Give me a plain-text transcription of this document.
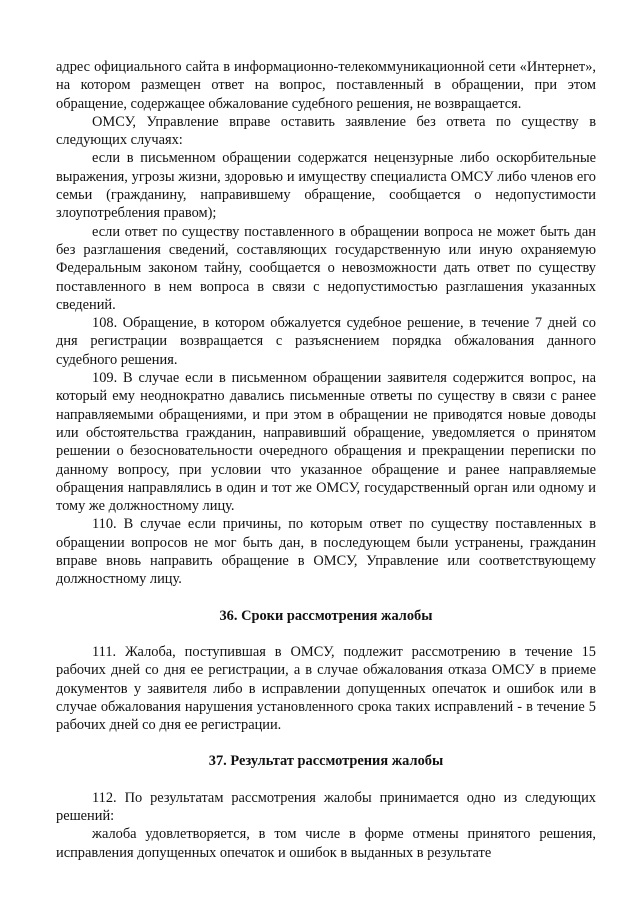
адрес официального сайта в информационно-телекоммуникационной сети «Интернет», на котором размещен ответ на вопрос, поставленный в обращении, при этом обращение, содержащее обжалование судебного решения, не возвращается.

ОМСУ, Управление вправе оставить заявление без ответа по существу в следующих случаях:

если в письменном обращении содержатся нецензурные либо оскорбительные выражения, угрозы жизни, здоровью и имуществу специалиста ОМСУ либо членов его семьи (гражданину, направившему обращение, сообщается о недопустимости злоупотребления правом);

если ответ по существу поставленного в обращении вопроса не может быть дан без разглашения сведений, составляющих государственную или иную охраняемую Федеральным законом тайну, сообщается о невозможности дать ответ по существу поставленного в нем вопроса в связи с недопустимостью разглашения указанных сведений.

108. Обращение, в котором обжалуется судебное решение, в течение 7 дней со дня регистрации возвращается с разъяснением порядка обжалования данного судебного решения.

109. В случае если в письменном обращении заявителя содержится вопрос, на который ему неоднократно давались письменные ответы по существу в связи с ранее направляемыми обращениями, и при этом в обращении не приводятся новые доводы или обстоятельства гражданин, направивший обращение, уведомляется о принятом решении о безосновательности очередного обращения и прекращении переписки по данному вопросу, при условии что указанное обращение и ранее направляемые обращения направлялись в один и тот же ОМСУ, государственный орган или одному и тому же должностному лицу.

110. В случае если причины, по которым ответ по существу поставленных в обращении вопросов не мог быть дан, в последующем были устранены, гражданин вправе вновь направить обращение в ОМСУ, Управление или соответствующему должностному лицу.

36. Сроки рассмотрения жалобы

111. Жалоба, поступившая в ОМСУ, подлежит рассмотрению в течение 15 рабочих дней со дня ее регистрации, а в случае обжалования отказа ОМСУ в приеме документов у заявителя либо в исправлении допущенных опечаток и ошибок или в случае обжалования нарушения установленного срока таких исправлений - в течение 5 рабочих дней со дня ее регистрации.

37. Результат рассмотрения жалобы

112. По результатам рассмотрения жалобы принимается одно из следующих решений:

жалоба удовлетворяется, в том числе в форме отмены принятого решения, исправления допущенных опечаток и ошибок в выданных в результате
